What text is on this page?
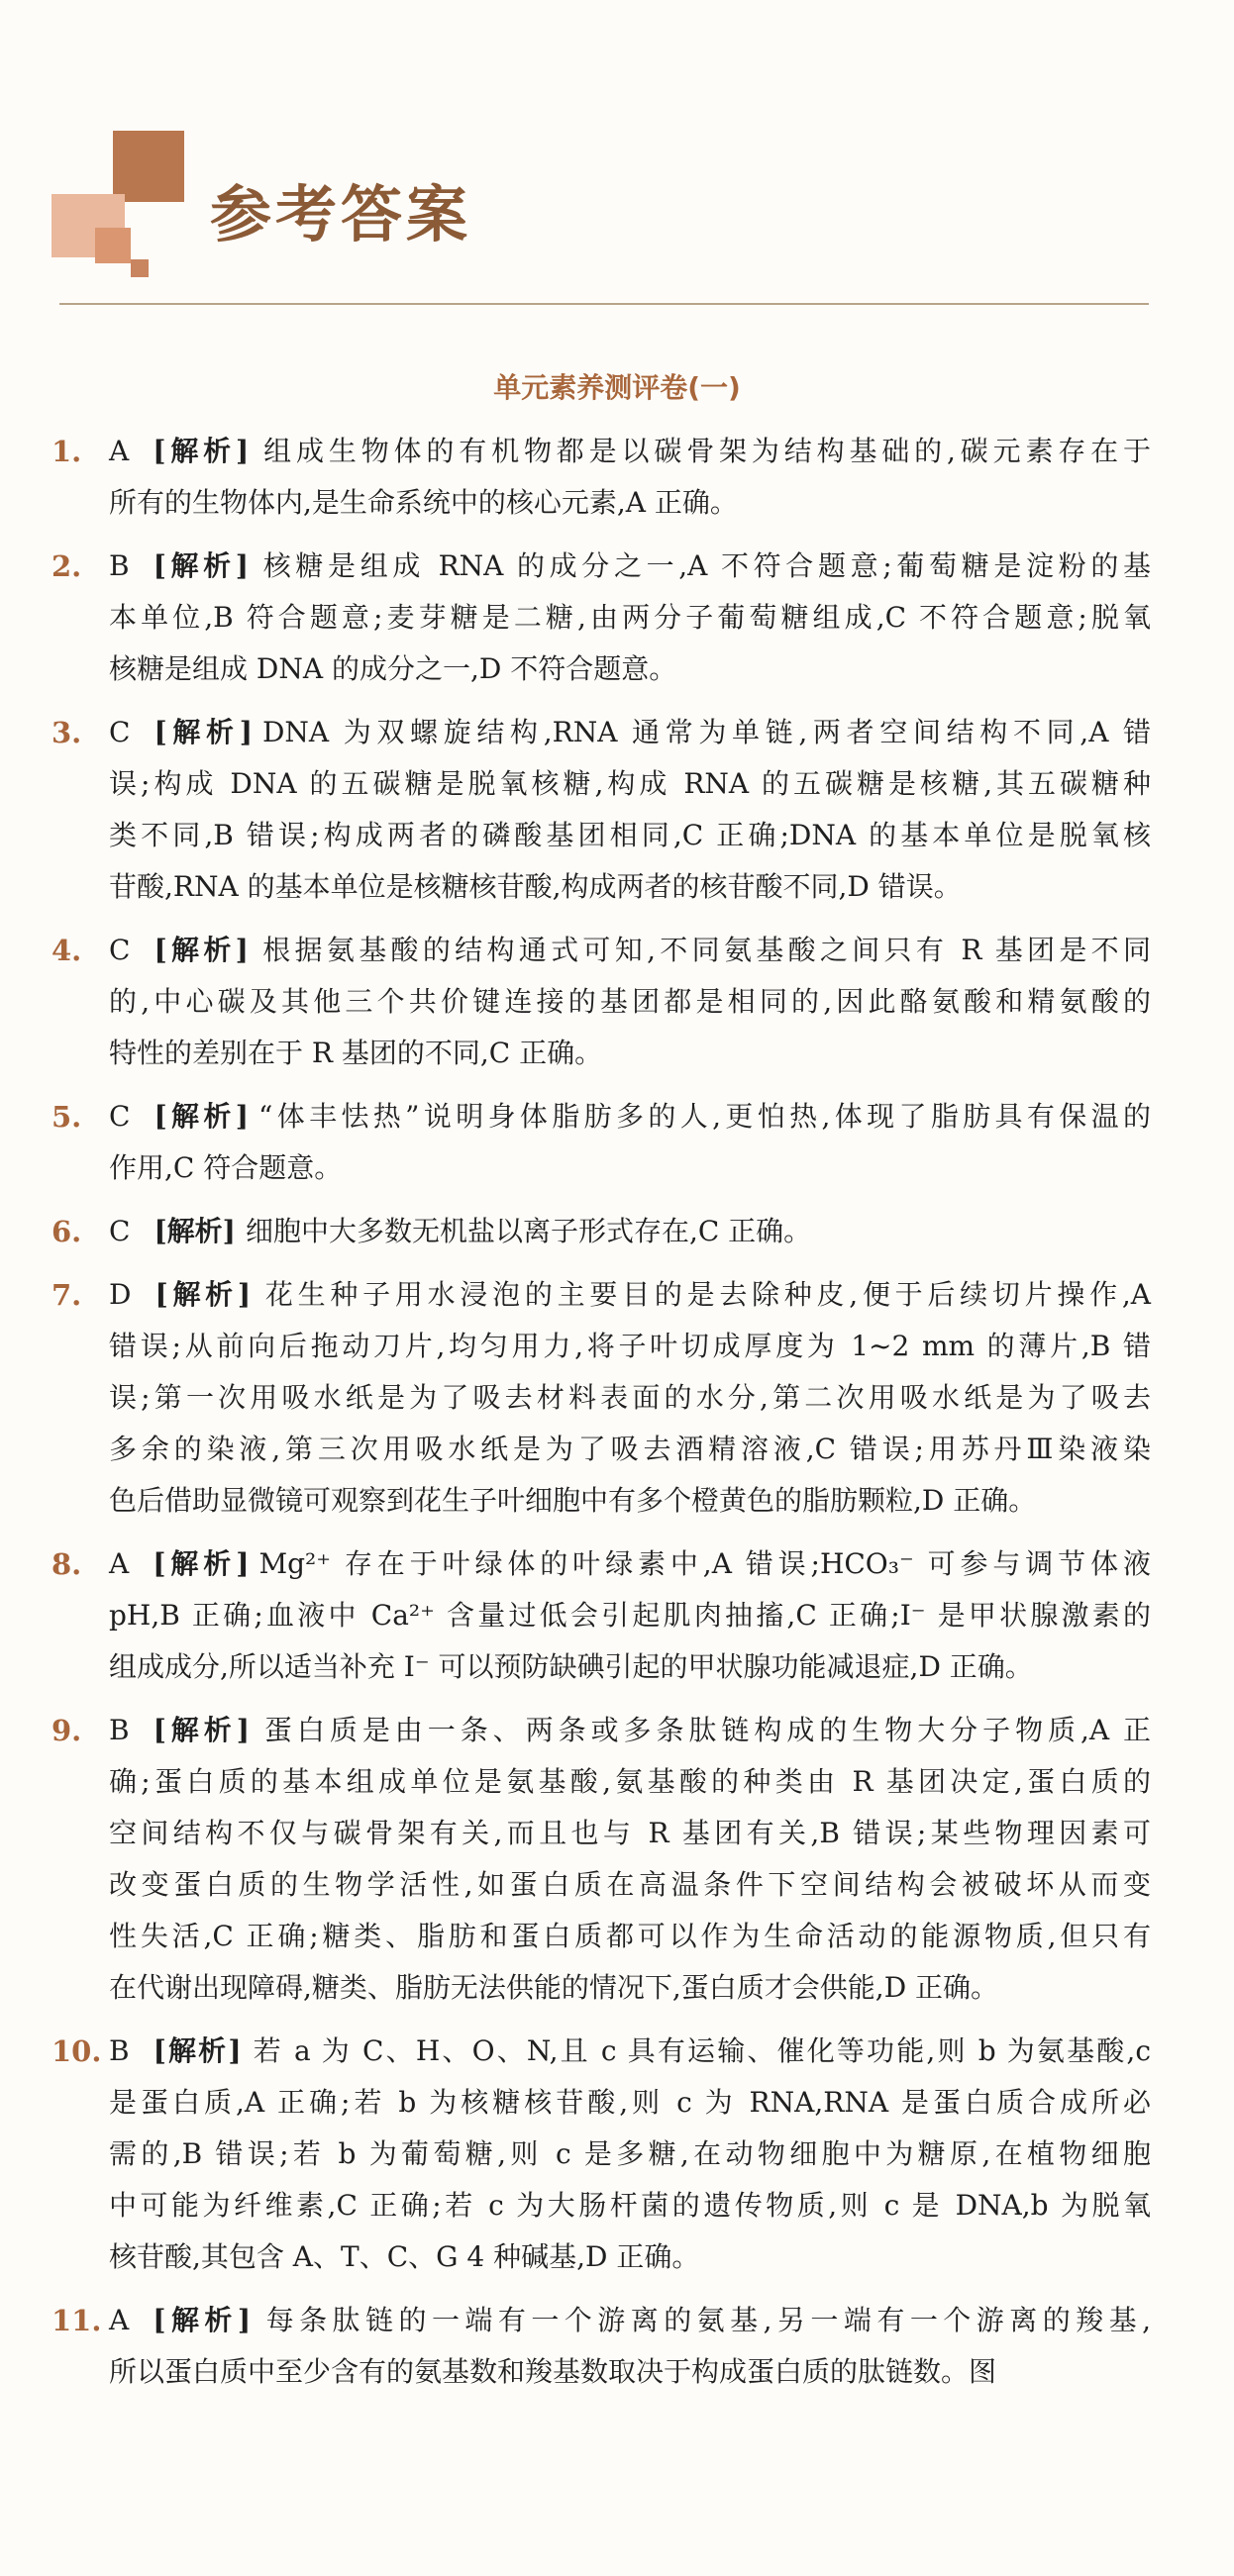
参考答案
单元素养测评卷(一)
1. A [解析] 组成生物体的有机物都是以碳骨架为结构基础的,碳元素存在于
所有的生物体内,是生命系统中的核心元素,A 正确。
2. B [解析] 核糖是组成 RNA 的成分之一,A 不符合题意;葡萄糖是淀粉的基
本单位,B 符合题意;麦芽糖是二糖,由两分子葡萄糖组成,C 不符合题意;脱氧
核糖是组成 DNA 的成分之一,D 不符合题意。
3. C [解析] DNA 为双螺旋结构,RNA 通常为单链,两者空间结构不同,A 错
误;构成 DNA 的五碳糖是脱氧核糖,构成 RNA 的五碳糖是核糖,其五碳糖种
类不同,B 错误;构成两者的磷酸基团相同,C 正确;DNA 的基本单位是脱氧核
苷酸,RNA 的基本单位是核糖核苷酸,构成两者的核苷酸不同,D 错误。
4. C [解析] 根据氨基酸的结构通式可知,不同氨基酸之间只有 R 基团是不同
的,中心碳及其他三个共价键连接的基团都是相同的,因此酪氨酸和精氨酸的
特性的差别在于 R 基团的不同,C 正确。
5. C [解析] “体丰怯热”说明身体脂肪多的人,更怕热,体现了脂肪具有保温的
作用,C 符合题意。
6. C [解析] 细胞中大多数无机盐以离子形式存在,C 正确。
7. D [解析] 花生种子用水浸泡的主要目的是去除种皮,便于后续切片操作,A
错误;从前向后拖动刀片,均匀用力,将子叶切成厚度为 1~2 mm 的薄片,B 错
误;第一次用吸水纸是为了吸去材料表面的水分,第二次用吸水纸是为了吸去
多余的染液,第三次用吸水纸是为了吸去酒精溶液,C 错误;用苏丹Ⅲ染液染
色后借助显微镜可观察到花生子叶细胞中有多个橙黄色的脂肪颗粒,D 正确。
8. A [解析] Mg²⁺ 存在于叶绿体的叶绿素中,A 错误;HCO₃⁻ 可参与调节体液
pH,B 正确;血液中 Ca²⁺ 含量过低会引起肌肉抽搐,C 正确;I⁻ 是甲状腺激素的
组成成分,所以适当补充 I⁻ 可以预防缺碘引起的甲状腺功能减退症,D 正确。
9. B [解析] 蛋白质是由一条、两条或多条肽链构成的生物大分子物质,A 正
确;蛋白质的基本组成单位是氨基酸,氨基酸的种类由 R 基团决定,蛋白质的
空间结构不仅与碳骨架有关,而且也与 R 基团有关,B 错误;某些物理因素可
改变蛋白质的生物学活性,如蛋白质在高温条件下空间结构会被破坏从而变
性失活,C 正确;糖类、脂肪和蛋白质都可以作为生命活动的能源物质,但只有
在代谢出现障碍,糖类、脂肪无法供能的情况下,蛋白质才会供能,D 正确。
10. B [解析] 若 a 为 C、H、O、N,且 c 具有运输、催化等功能,则 b 为氨基酸,c
是蛋白质,A 正确;若 b 为核糖核苷酸,则 c 为 RNA,RNA 是蛋白质合成所必
需的,B 错误;若 b 为葡萄糖,则 c 是多糖,在动物细胞中为糖原,在植物细胞
中可能为纤维素,C 正确;若 c 为大肠杆菌的遗传物质,则 c 是 DNA,b 为脱氧
核苷酸,其包含 A、T、C、G 4 种碱基,D 正确。
11. A [解析] 每条肽链的一端有一个游离的氨基,另一端有一个游离的羧基,
所以蛋白质中至少含有的氨基数和羧基数取决于构成蛋白质的肽链数。图
